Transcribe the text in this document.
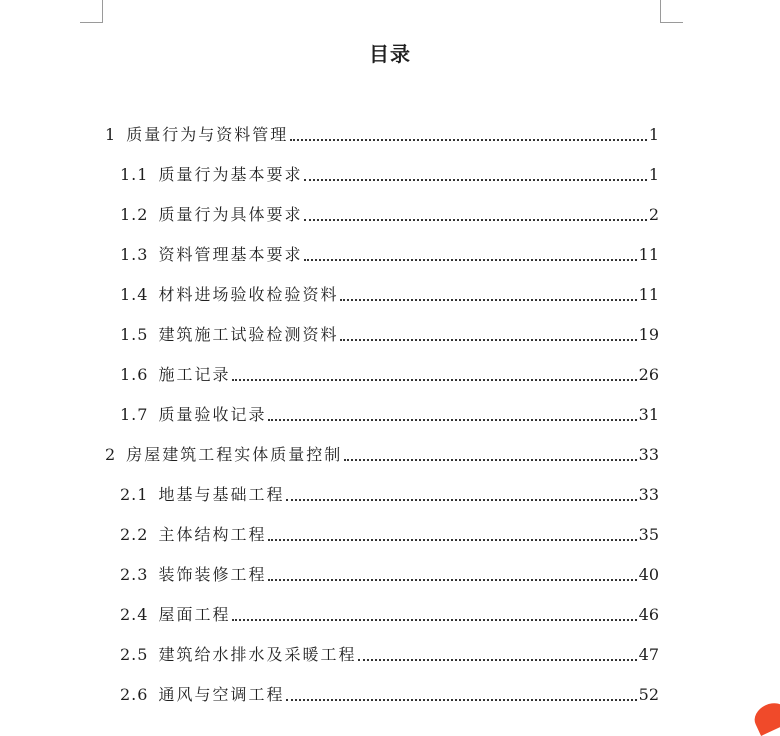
目录
1 质量行为与资料管理	1
1.1 质量行为基本要求	1
1.2 质量行为具体要求	2
1.3 资料管理基本要求	11
1.4 材料进场验收检验资料	11
1.5 建筑施工试验检测资料	19
1.6 施工记录	26
1.7 质量验收记录	31
2 房屋建筑工程实体质量控制	33
2.1 地基与基础工程	33
2.2 主体结构工程	35
2.3 装饰装修工程	40
2.4 屋面工程	46
2.5 建筑给水排水及采暖工程	47
2.6 通风与空调工程	52
